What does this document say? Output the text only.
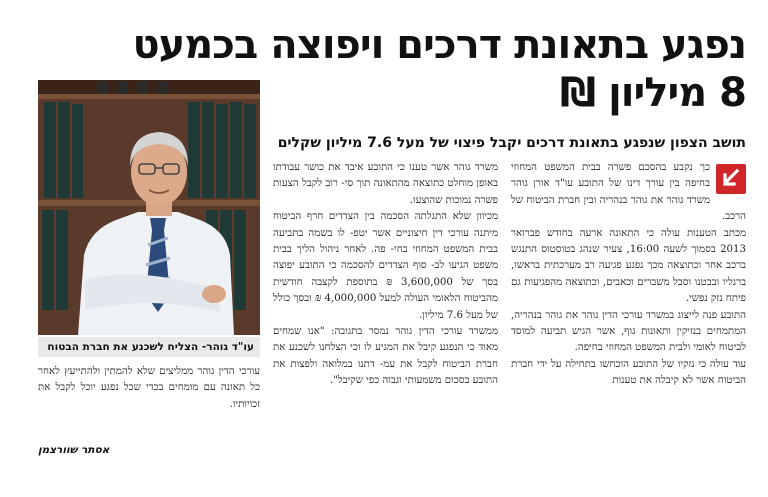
נפגע בתאונת דרכים ויפוצה בכמעט
8 מיליון ₪
תושב הצפון שנפגע בתאונת דרכים יקבל פיצוי של מעל 7.6 מיליון שקלים

כך נקבע בהסכם פשרה בבית המשפט המחוזי בחיפה בין עורך דינו של התובע עו"ד אורן גוהר משרד גוהר את גוהר בנהריה ובין חברת הביטוח של הרכב.

מכתב הטענות עולה כי התאונה ארעה בחודש פברואר 2013 בסמוך לשעה 16:00, צעיר שנהג בטוסטוס התנגש ברכב אחר וכתוצאה מכך נפגע פגיעה רב מערכתית בראשו, ברגליו ובבטנו וסבל משברים וכאבים, וכתוצאה מהפגיעות גם פיתח נזק נפשי.

התובע פנה לייצוג במשרד עורכי הדין גוהר את גוהר בנהריה, המתמחים בנזיקין ותאונות גוף, אשר הגיש תביעה למוסד לביטוח לאומי ולבית המשפט המחוזי בחיפה.

עוד עולה כי נזקיו של התובע הוכחשו בתחילה על ידי חברת הביטוח אשר לא קיבלה את טענות

משרד גוהר אשר טענו כי התובע איבד את כושר עבודתו באופן מוחלט כתוצאה מהתאונה תוך סי- רוב לקבל הצעות פשרה נמוכות שהוצעו.

מכיוון שלא התגלתה הסכמה בין הצדדים חרף הביטוח מיתנה עורכי דין חיצוניים אשר יטפ- לו בשמה בתביעה בבית המשפט המחוזי בחי- פה. לאחר ניהול הליך בבית משפט הגיעו לב- סוף הצדדים להסכמה כי התובע יפוצה בסך של 3,600,000 ₪ בתוספת לקצבה חודשית מהביטוח הלאומי העולה למעל 4,000,000 ₪ ובסך כולל של מעל 7.6 מיליון.

ממשרד עורכי הדין גוהר נמסר בתגובה: "אנו שמחים מאוד כי הנפגע קיבל את המגיע לו וכי הצלחנו לשכנע את חברת הביטוח לקבל את עמ- דתנו במלואה ולפצות את התובע בסכום משמעותי וגבוה כפי שקיבל".

עו"ד גוהר- הצליח לשכנע את חברת הבטוח

עורכי הדין גוהר ממליצים שלא להמתין ולהתייעץ לאחר כל תאונה עם מומחים בכדי שכל נפגע יוכל לקבל את זכויותיו.

אסתר שוורצמן
